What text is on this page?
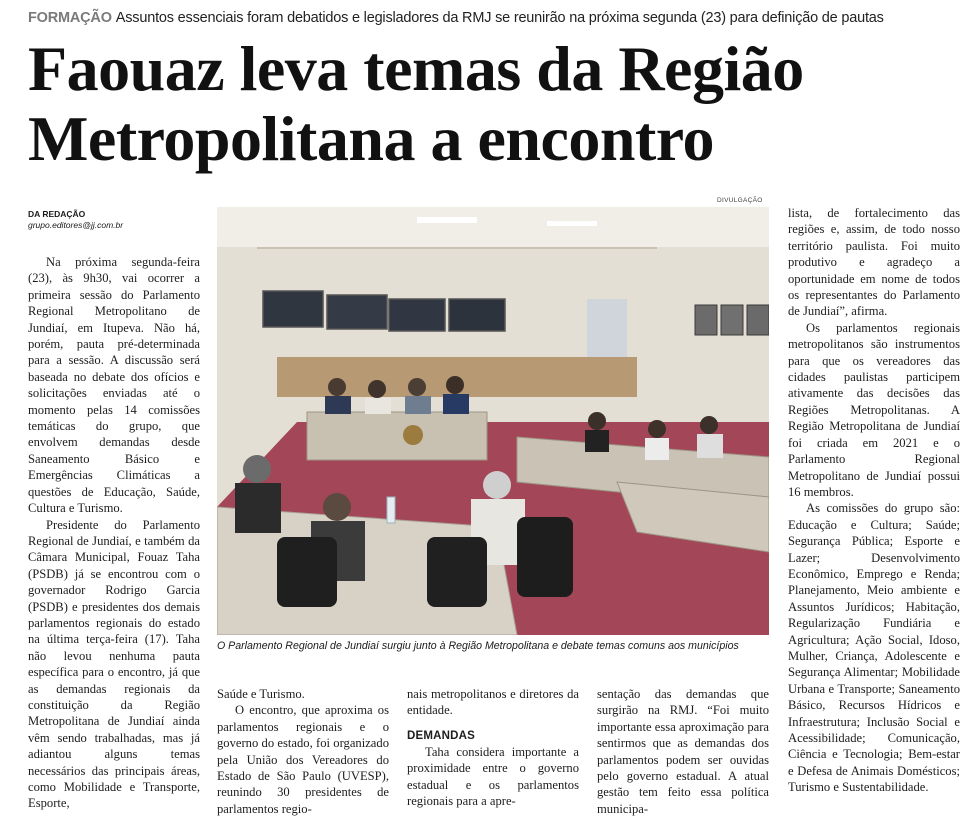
FORMAÇÃO Assuntos essenciais foram debatidos e legisladores da RMJ se reunirão na próxima segunda (23) para definição de pautas
Faouaz leva temas da Região
Metropolitana a encontro
DA REDAÇÃO
grupo.editores@jj.com.br

Na próxima segunda-feira (23), às 9h30, vai ocorrer a primeira sessão do Parlamento Regional Metropolitano de Jundiaí, em Itupeva. Não há, porém, pauta pré-determinada para a sessão. A discussão será baseada no debate dos ofícios e solicitações enviadas até o momento pelas 14 comissões temáticas do grupo, que envolvem demandas desde Saneamento Básico e Emergências Climáticas a questões de Educação, Saúde, Cultura e Turismo.

Presidente do Parlamento Regional de Jundiaí, e também da Câmara Municipal, Fouaz Taha (PSDB) já se encontrou com o governador Rodrigo Garcia (PSDB) e presidentes dos demais parlamentos regionais do estado na última terça-feira (17). Taha não levou nenhuma pauta específica para o encontro, já que as demandas regionais da constituição da Região Metropolitana de Jundiaí ainda vêm sendo trabalhadas, mas já adiantou alguns temas necessários das principais áreas, como Mobilidade e Transporte, Esporte,

DIVULGAÇÃO
O Parlamento Regional de Jundiaí surgiu junto à Região Metropolitana e debate temas comuns aos municípios

Saúde e Turismo.

O encontro, que aproxima os parlamentos regionais e o governo do estado, foi organizado pela União dos Vereadores do Estado de São Paulo (UVESP), reunindo 30 presidentes de parlamentos regio-

nais metropolitanos e diretores da entidade.

DEMANDAS

Taha considera importante a proximidade entre o governo estadual e os parlamentos regionais para a apre-

sentação das demandas que surgirão na RMJ. “Foi muito importante essa aproximação para sentirmos que as demandas dos parlamentos podem ser ouvidas pelo governo estadual. A atual gestão tem feito essa política municipa-

lista, de fortalecimento das regiões e, assim, de todo nosso território paulista. Foi muito produtivo e agradeço a oportunidade em nome de todos os representantes do Parlamento de Jundiaí”, afirma.

Os parlamentos regionais metropolitanos são instrumentos para que os vereadores das cidades paulistas participem ativamente das decisões das Regiões Metropolitanas. A Região Metropolitana de Jundiaí foi criada em 2021 e o Parlamento Regional Metropolitano de Jundiaí possui 16 membros.

As comissões do grupo são: Educação e Cultura; Saúde; Segurança Pública; Esporte e Lazer; Desenvolvimento Econômico, Emprego e Renda; Planejamento, Meio ambiente e Assuntos Jurídicos; Habitação, Regularização Fundiária e Agricultura; Ação Social, Idoso, Mulher, Criança, Adolescente e Segurança Alimentar; Mobilidade Urbana e Transporte; Saneamento Básico, Recursos Hídricos e Infraestrutura; Inclusão Social e Acessibilidade; Comunicação, Ciência e Tecnologia; Bem-estar e Defesa de Animais Domésticos; Turismo e Sustentabilidade.
